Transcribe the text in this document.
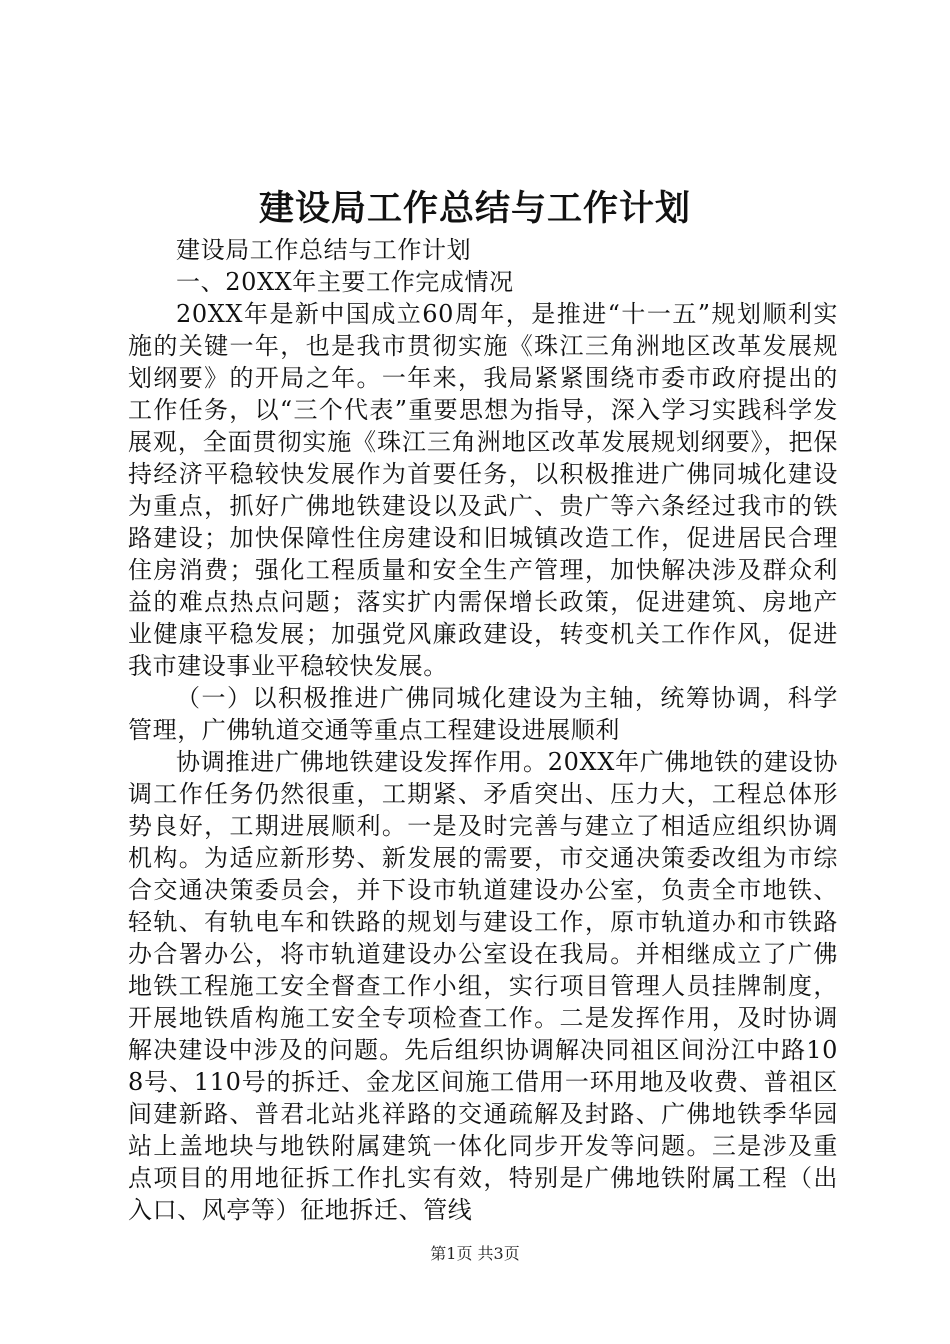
建设局工作总结与工作计划

建设局工作总结与工作计划

一、20XX年主要工作完成情况

20XX年是新中国成立60周年，是推进“十一五”规划顺利实施的关键一年，也是我市贯彻实施《珠江三角洲地区改革发展规划纲要》的开局之年。一年来，我局紧紧围绕市委市政府提出的工作任务，以“三个代表”重要思想为指导，深入学习实践科学发展观，全面贯彻实施《珠江三角洲地区改革发展规划纲要》，把保持经济平稳较快发展作为首要任务，以积极推进广佛同城化建设为重点，抓好广佛地铁建设以及武广、贵广等六条经过我市的铁路建设；加快保障性住房建设和旧城镇改造工作，促进居民合理住房消费；强化工程质量和安全生产管理，加快解决涉及群众利益的难点热点问题；落实扩内需保增长政策，促进建筑、房地产业健康平稳发展；加强党风廉政建设，转变机关工作作风，促进我市建设事业平稳较快发展。

（一）以积极推进广佛同城化建设为主轴，统筹协调，科学管理，广佛轨道交通等重点工程建设进展顺利

协调推进广佛地铁建设发挥作用。20XX年广佛地铁的建设协调工作任务仍然很重，工期紧、矛盾突出、压力大，工程总体形势良好，工期进展顺利。一是及时完善与建立了相适应组织协调机构。为适应新形势、新发展的需要，市交通决策委改组为市综合交通决策委员会，并下设市轨道建设办公室，负责全市地铁、轻轨、有轨电车和铁路的规划与建设工作，原市轨道办和市铁路办合署办公，将市轨道建设办公室设在我局。并相继成立了广佛地铁工程施工安全督查工作小组，实行项目管理人员挂牌制度，开展地铁盾构施工安全专项检查工作。二是发挥作用，及时协调解决建设中涉及的问题。先后组织协调解决同祖区间汾江中路108号、110号的拆迁、金龙区间施工借用一环用地及收费、普祖区间建新路、普君北站兆祥路的交通疏解及封路、广佛地铁季华园站上盖地块与地铁附属建筑一体化同步开发等问题。三是涉及重点项目的用地征拆工作扎实有效，特别是广佛地铁附属工程（出入口、风亭等）征地拆迁、管线

第1页 共3页
